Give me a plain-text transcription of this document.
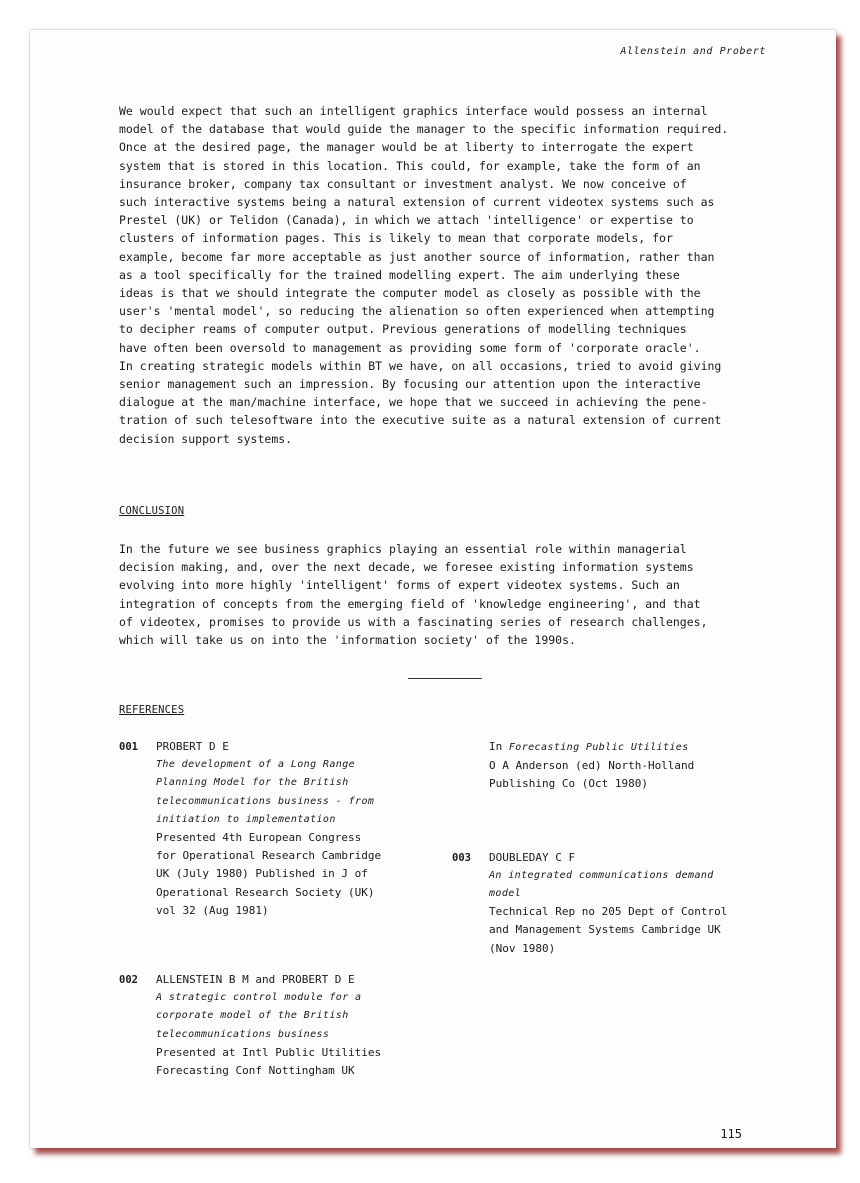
Allenstein and Probert
We would expect that such an intelligent graphics interface would possess an internal
model of the database that would guide the manager to the specific information required.
Once at the desired page, the manager would be at liberty to interrogate the expert
system that is stored in this location. This could, for example, take the form of an
insurance broker, company tax consultant or investment analyst. We now conceive of
such interactive systems being a natural extension of current videotex systems such as
Prestel (UK) or Telidon (Canada), in which we attach 'intelligence' or expertise to
clusters of information pages. This is likely to mean that corporate models, for
example, become far more acceptable as just another source of information, rather than
as a tool specifically for the trained modelling expert. The aim underlying these
ideas is that we should integrate the computer model as closely as possible with the
user's 'mental model', so reducing the alienation so often experienced when attempting
to decipher reams of computer output. Previous generations of modelling techniques
have often been oversold to management as providing some form of 'corporate oracle'.
In creating strategic models within BT we have, on all occasions, tried to avoid giving
senior management such an impression. By focusing our attention upon the interactive
dialogue at the man/machine interface, we hope that we succeed in achieving the pene-
tration of such telesoftware into the executive suite as a natural extension of current
decision support systems.
CONCLUSION
In the future we see business graphics playing an essential role within managerial
decision making, and, over the next decade, we foresee existing information systems
evolving into more highly 'intelligent' forms of expert videotex systems. Such an
integration of concepts from the emerging field of 'knowledge engineering', and that
of videotex, promises to provide us with a fascinating series of research challenges,
which will take us on into the 'information society' of the 1990s.
REFERENCES
001 PROBERT D E
The development of a Long Range
Planning Model for the British
telecommunications business - from
initiation to implementation
Presented 4th European Congress
for Operational Research Cambridge
UK (July 1980) Published in J of
Operational Research Society (UK)
vol 32 (Aug 1981)
002 ALLENSTEIN B M and PROBERT D E
A strategic control module for a
corporate model of the British
telecommunications business
Presented at Intl Public Utilities
Forecasting Conf Nottingham UK
In Forecasting Public Utilities
O A Anderson (ed) North-Holland
Publishing Co (Oct 1980)
003 DOUBLEDAY C F
An integrated communications demand
model
Technical Rep no 205 Dept of Control
and Management Systems Cambridge UK
(Nov 1980)
115
